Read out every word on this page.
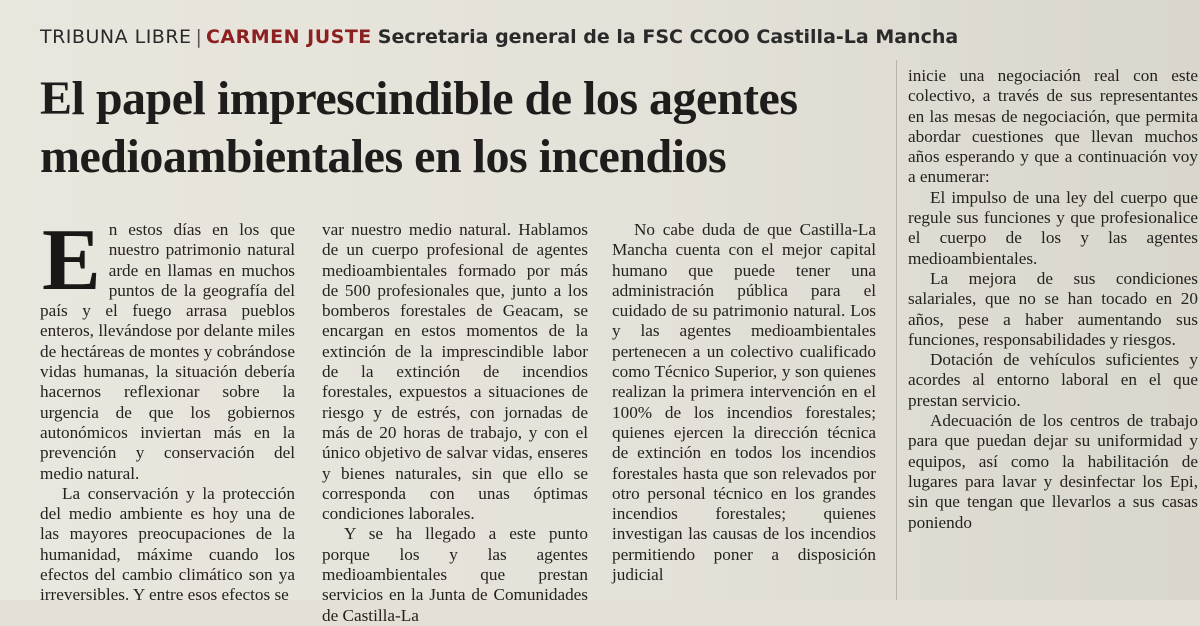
TRIBUNA LIBRE | CARMEN JUSTE Secretaria general de la FSC CCOO Castilla-La Mancha
El papel imprescindible de los agentes
medioambientales en los incendios

En estos días en los que nuestro patrimonio natural arde en llamas en muchos puntos de la geografía del país y el fuego arrasa pueblos enteros, llevándose por delante miles de hectáreas de montes y cobrándose vidas humanas, la situación debería hacernos reflexionar sobre la urgencia de que los gobiernos autonómicos inviertan más en la prevención y conservación del medio natural.

La conservación y la protección del medio ambiente es hoy una de las mayores preocupaciones de la humanidad, máxime cuando los efectos del cambio climático son ya irreversibles. Y entre esos efectos se

var nuestro medio natural. Hablamos de un cuerpo profesional de agentes medioambientales formado por más de 500 profesionales que, junto a los bomberos forestales de Geacam, se encargan en estos momentos de la extinción de la imprescindible labor de la extinción de incendios forestales, expuestos a situaciones de riesgo y de estrés, con jornadas de más de 20 horas de trabajo, y con el único objetivo de salvar vidas, enseres y bienes naturales, sin que ello se corresponda con unas óptimas condiciones laborales.

Y se ha llegado a este punto porque los y las agentes medioambientales que prestan servicios en la Junta de Comunidades de Castilla-La

No cabe duda de que Castilla-La Mancha cuenta con el mejor capital humano que puede tener una administración pública para el cuidado de su patrimonio natural. Los y las agentes medioambientales pertenecen a un colectivo cualificado como Técnico Superior, y son quienes realizan la primera intervención en el 100% de los incendios forestales; quienes ejercen la dirección técnica de extinción en todos los incendios forestales hasta que son relevados por otro personal técnico en los grandes incendios forestales; quienes investigan las causas de los incendios permitiendo poner a disposición judicial

inicie una negociación real con este colectivo, a través de sus representantes en las mesas de negociación, que permita abordar cuestiones que llevan muchos años esperando y que a continuación voy a enumerar:

El impulso de una ley del cuerpo que regule sus funciones y que profesionalice el cuerpo de los y las agentes medioambientales.

La mejora de sus condiciones salariales, que no se han tocado en 20 años, pese a haber aumentando sus funciones, responsabilidades y riesgos.

Dotación de vehículos suficientes y acordes al entorno laboral en el que prestan servicio.

Adecuación de los centros de trabajo para que puedan dejar su uniformidad y equipos, así como la habilitación de lugares para lavar y desinfectar los Epi, sin que tengan que llevarlos a sus casas poniendo
